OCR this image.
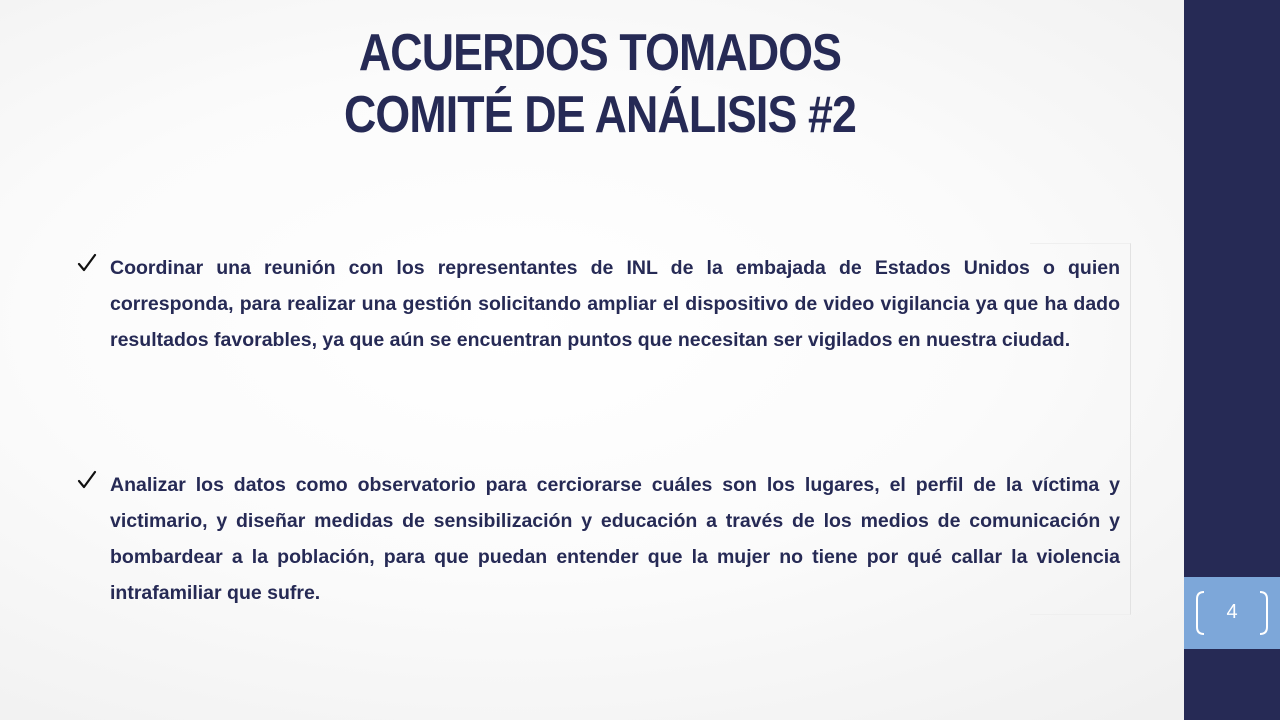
ACUERDOS TOMADOS
COMITÉ DE ANÁLISIS #2

Coordinar una reunión con los representantes de INL de la embajada de Estados Unidos o quien corresponda, para realizar una gestión solicitando ampliar el dispositivo de video vigilancia ya que ha dado resultados favorables, ya que aún se encuentran puntos que necesitan ser vigilados en nuestra ciudad.

Analizar los datos como observatorio para cerciorarse cuáles son los lugares, el perfil de la víctima y victimario, y diseñar medidas de sensibilización y educación a través de los medios de comunicación y bombardear a la población, para que puedan entender que la mujer no tiene por qué callar la violencia intrafamiliar que sufre.

4
